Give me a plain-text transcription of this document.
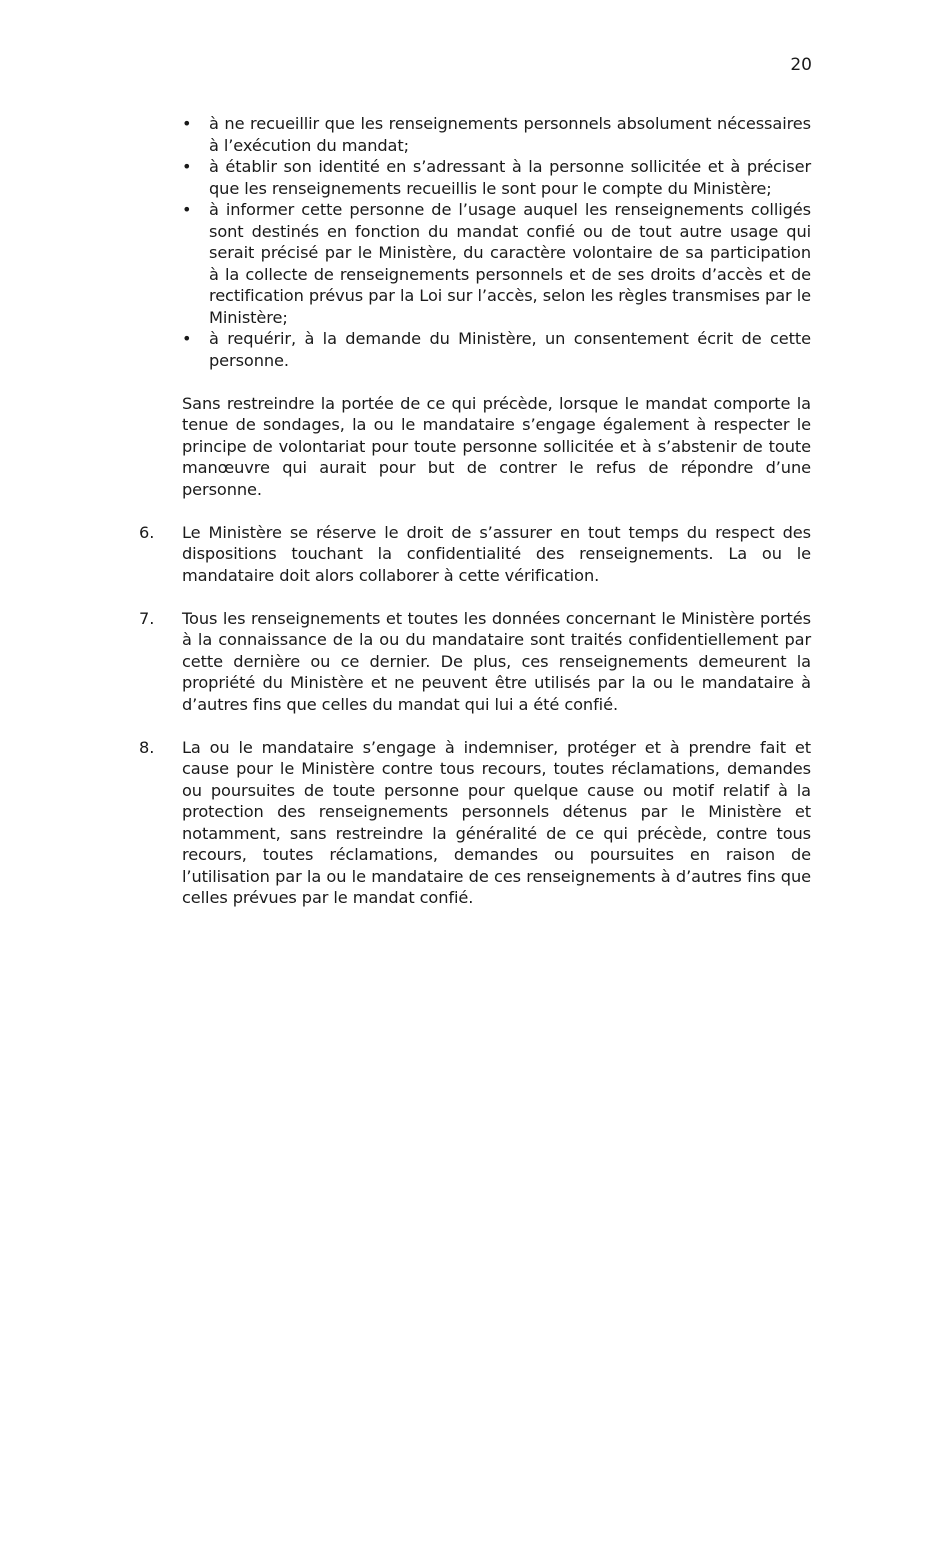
20
• à ne recueillir que les renseignements personnels absolument nécessaires à l’exécution du mandat;
• à établir son identité en s’adressant à la personne sollicitée et à préciser que les renseignements recueillis le sont pour le compte du Ministère;
• à informer cette personne de l’usage auquel les renseignements colligés sont destinés en fonction du mandat confié ou de tout autre usage qui serait précisé par le Ministère, du caractère volontaire de sa participation à la collecte de renseignements personnels et de ses droits d’accès et de rectification prévus par la Loi sur l’accès, selon les règles transmises par le Ministère;
• à requérir, à la demande du Ministère, un consentement écrit de cette personne.

Sans restreindre la portée de ce qui précède, lorsque le mandat comporte la tenue de sondages, la ou le mandataire s’engage également à respecter le principe de volontariat pour toute personne sollicitée et à s’abstenir de toute manœuvre qui aurait pour but de contrer le refus de répondre d’une personne.

6.	Le Ministère se réserve le droit de s’assurer en tout temps du respect des dispositions touchant la confidentialité des renseignements. La ou le mandataire doit alors collaborer à cette vérification.
7.	Tous les renseignements et toutes les données concernant le Ministère portés à la connaissance de la ou du mandataire sont traités confidentiellement par cette dernière ou ce dernier. De plus, ces renseignements demeurent la propriété du Ministère et ne peuvent être utilisés par la ou le mandataire à d’autres fins que celles du mandat qui lui a été confié.
8.	La ou le mandataire s’engage à indemniser, protéger et à prendre fait et cause pour le Ministère contre tous recours, toutes réclamations, demandes ou poursuites de toute personne pour quelque cause ou motif relatif à la protection des renseignements personnels détenus par le Ministère et notamment, sans restreindre la généralité de ce qui précède, contre tous recours, toutes réclamations, demandes ou poursuites en raison de l’utilisation par la ou le mandataire de ces renseignements à d’autres fins que celles prévues par le mandat confié.
